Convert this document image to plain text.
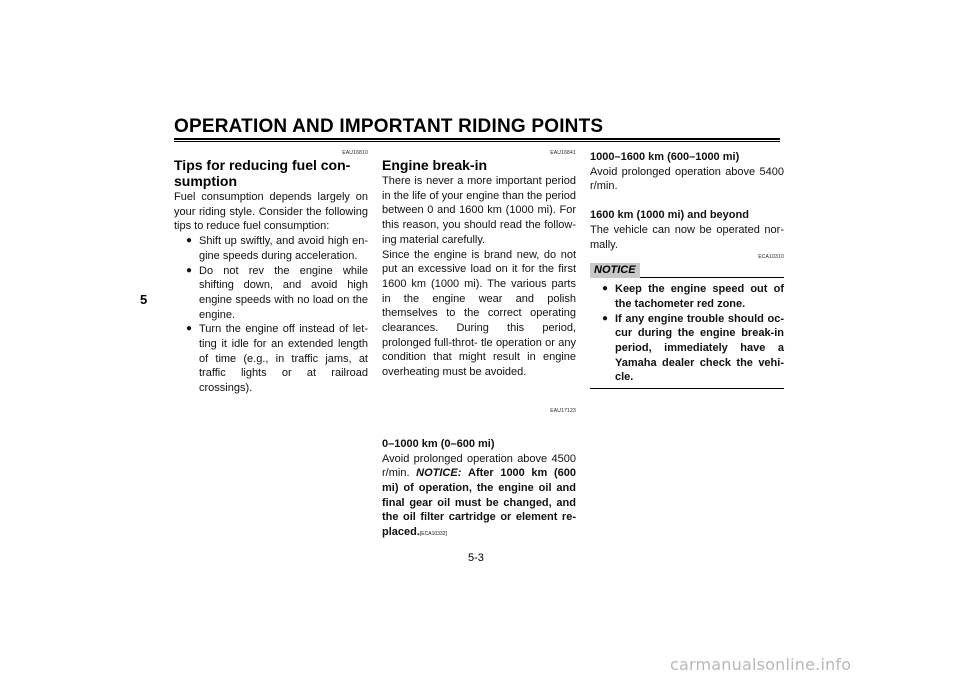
OPERATION AND IMPORTANT RIDING POINTS
5

EAU16810

Tips for reducing fuel con-
sumption

Fuel consumption depends largely on your riding style. Consider the following tips to reduce fuel consumption:

● Shift up swiftly, and avoid high en- gine speeds during acceleration.
● Do not rev the engine while shifting down, and avoid high engine speeds with no load on the engine.
● Turn the engine off instead of let- ting it idle for an extended length of time (e.g., in traffic jams, at traffic lights or at railroad crossings).

EAU16841

Engine break-in

There is never a more important period in the life of your engine than the period between 0 and 1600 km (1000 mi). For this reason, you should read the follow- ing material carefully.

Since the engine is brand new, do not put an excessive load on it for the first 1600 km (1000 mi). The various parts in the engine wear and polish themselves to the correct operating clearances. During this period, prolonged full-throt- tle operation or any condition that might result in engine overheating must be avoided.

EAU17123

0–1000 km (0–600 mi)

Avoid prolonged operation above 4500 r/min. NOTICE: After 1000 km (600 mi) of operation, the engine oil and final gear oil must be changed, and the oil filter cartridge or element re- placed.[ECA10332]

1000–1600 km (600–1000 mi)

Avoid prolonged operation above 5400 r/min.

1600 km (1000 mi) and beyond

The vehicle can now be operated nor- mally.

ECA10310

NOTICE
● Keep the engine speed out of the tachometer red zone.
● If any engine trouble should oc- cur during the engine break-in period, immediately have a Yamaha dealer check the vehi- cle.
5-3
carmanualsonline.info
